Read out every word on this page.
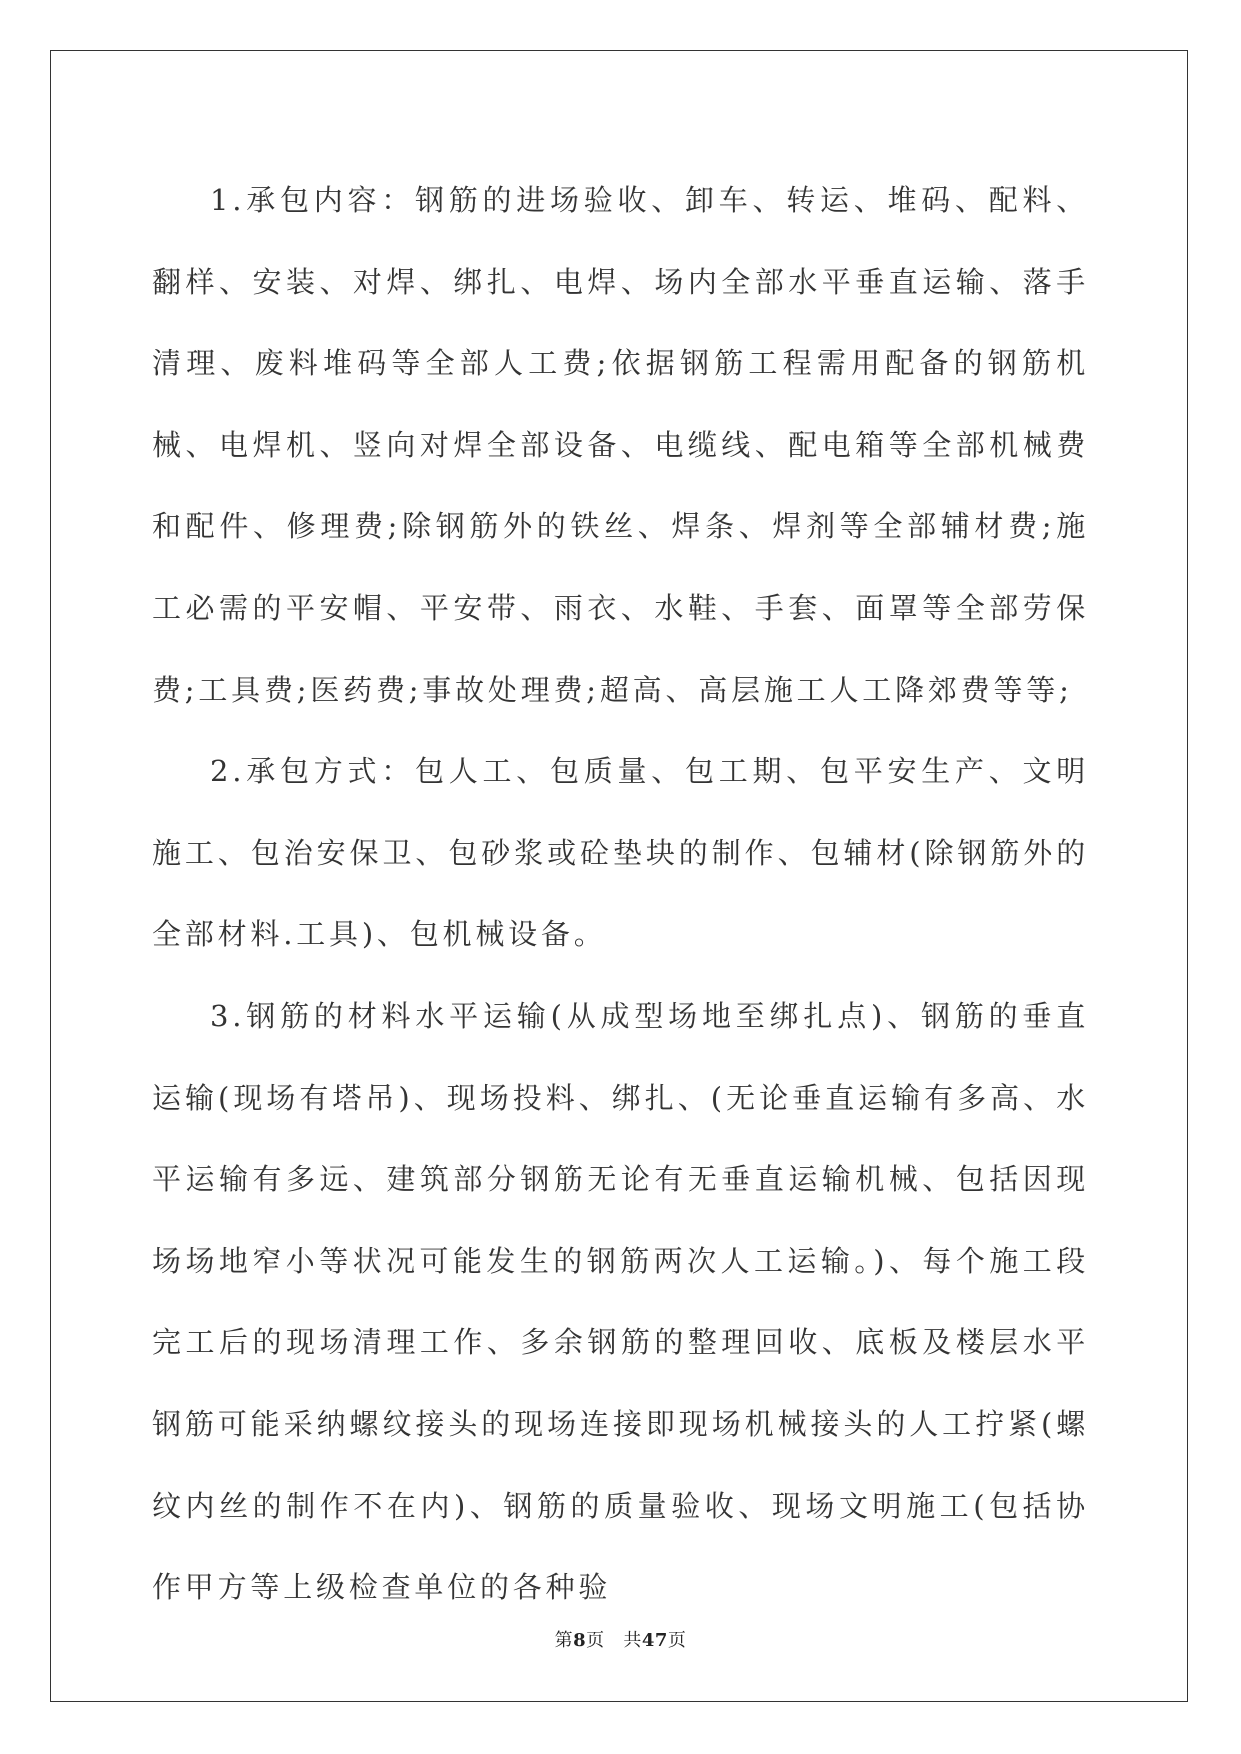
1.承包内容：钢筋的进场验收、卸车、转运、堆码、配料、翻样、安装、对焊、绑扎、电焊、场内全部水平垂直运输、落手清理、废料堆码等全部人工费;依据钢筋工程需用配备的钢筋机械、电焊机、竖向对焊全部设备、电缆线、配电箱等全部机械费和配件、修理费;除钢筋外的铁丝、焊条、焊剂等全部辅材费;施工必需的平安帽、平安带、雨衣、水鞋、手套、面罩等全部劳保费;工具费;医药费;事故处理费;超高、高层施工人工降郊费等等;

2.承包方式：包人工、包质量、包工期、包平安生产、文明施工、包治安保卫、包砂浆或砼垫块的制作、包辅材(除钢筋外的全部材料.工具)、包机械设备。

3.钢筋的材料水平运输(从成型场地至绑扎点)、钢筋的垂直运输(现场有塔吊)、现场投料、绑扎、(无论垂直运输有多高、水平运输有多远、建筑部分钢筋无论有无垂直运输机械、包括因现场场地窄小等状况可能发生的钢筋两次人工运输。)、每个施工段完工后的现场清理工作、多余钢筋的整理回收、底板及楼层水平钢筋可能采纳螺纹接头的现场连接即现场机械接头的人工拧紧(螺纹内丝的制作不在内)、钢筋的质量验收、现场文明施工(包括协作甲方等上级检查单位的各种验

第8页 共47页
